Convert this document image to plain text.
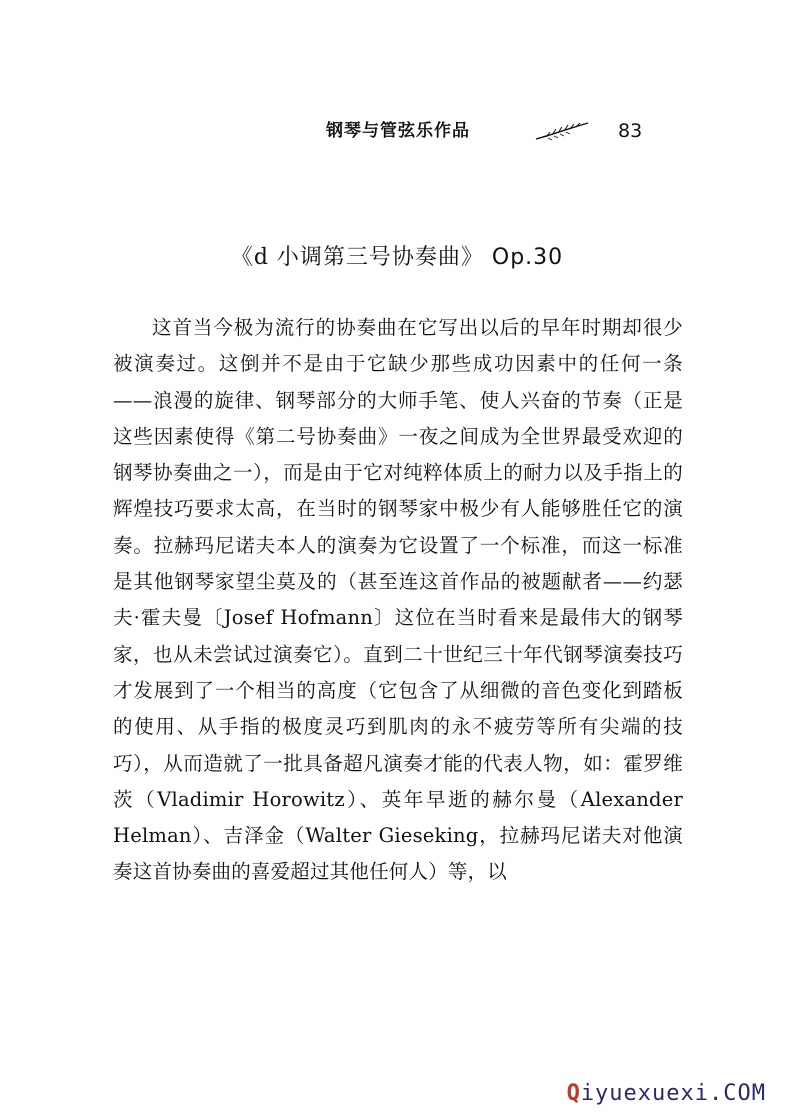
钢琴与管弦乐作品	83
《d 小调第三号协奏曲》 Op.30

这首当今极为流行的协奏曲在它写出以后的早年时期却很少被演奏过。这倒并不是由于它缺少那些成功因素中的任何一条——浪漫的旋律、钢琴部分的大师手笔、使人兴奋的节奏（正是这些因素使得《第二号协奏曲》一夜之间成为全世界最受欢迎的钢琴协奏曲之一），而是由于它对纯粹体质上的耐力以及手指上的辉煌技巧要求太高，在当时的钢琴家中极少有人能够胜任它的演奏。拉赫玛尼诺夫本人的演奏为它设置了一个标准，而这一标准是其他钢琴家望尘莫及的（甚至连这首作品的被题献者——约瑟夫·霍夫曼〔Josef Hofmann〕这位在当时看来是最伟大的钢琴家，也从未尝试过演奏它）。直到二十世纪三十年代钢琴演奏技巧才发展到了一个相当的高度（它包含了从细微的音色变化到踏板的使用、从手指的极度灵巧到肌肉的永不疲劳等所有尖端的技巧），从而造就了一批具备超凡演奏才能的代表人物，如：霍罗维茨（Vladimir Horowitz）、英年早逝的赫尔曼（Alexander Helman）、吉泽金（Walter Gieseking，拉赫玛尼诺夫对他演奏这首协奏曲的喜爱超过其他任何人）等，以

Qiyuexuexi.COM
